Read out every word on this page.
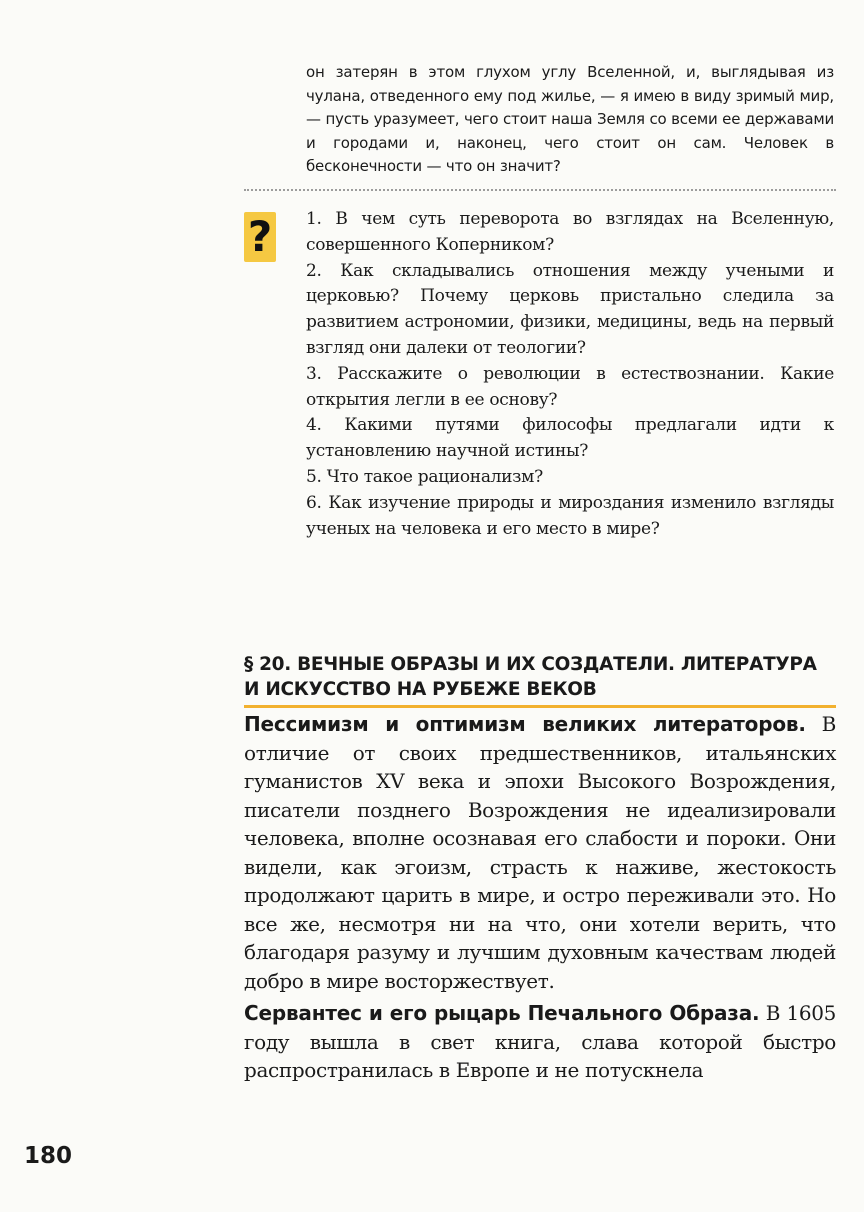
он затерян в этом глухом углу Вселенной, и, выглядывая из чулана, отведенного ему под жилье, — я имею в виду зримый мир, — пусть уразумеет, чего стоит наша Земля со всеми ее державами и городами и, наконец, чего стоит он сам. Человек в бесконечности — что он значит?

? 1. В чем суть переворота во взглядах на Вселенную, совершенного Коперником?
2. Как складывались отношения между учеными и церковью? Почему церковь пристально следила за развитием астрономии, физики, медицины, ведь на первый взгляд они далеки от теологии?
3. Расскажите о революции в естествознании. Какие открытия легли в ее основу?
4. Какими путями философы предлагали идти к установлению научной истины?
5. Что такое рационализм?
6. Как изучение природы и мироздания изменило взгляды ученых на человека и его место в мире?
§ 20. ВЕЧНЫЕ ОБРАЗЫ И ИХ СОЗДАТЕЛИ. ЛИТЕРАТУРА И ИСКУССТВО НА РУБЕЖЕ ВЕКОВ

Пессимизм и оптимизм великих литераторов. В отличие от своих предшественников, итальянских гуманистов XV века и эпохи Высокого Возрождения, писатели позднего Возрождения не идеализировали человека, вполне осознавая его слабости и пороки. Они видели, как эгоизм, страсть к наживе, жестокость продолжают царить в мире, и остро переживали это. Но все же, несмотря ни на что, они хотели верить, что благодаря разуму и лучшим духовным качествам людей добро в мире восторжествует.

Сервантес и его рыцарь Печального Образа. В 1605 году вышла в свет книга, слава которой быстро распространилась в Европе и не потускнела

180
